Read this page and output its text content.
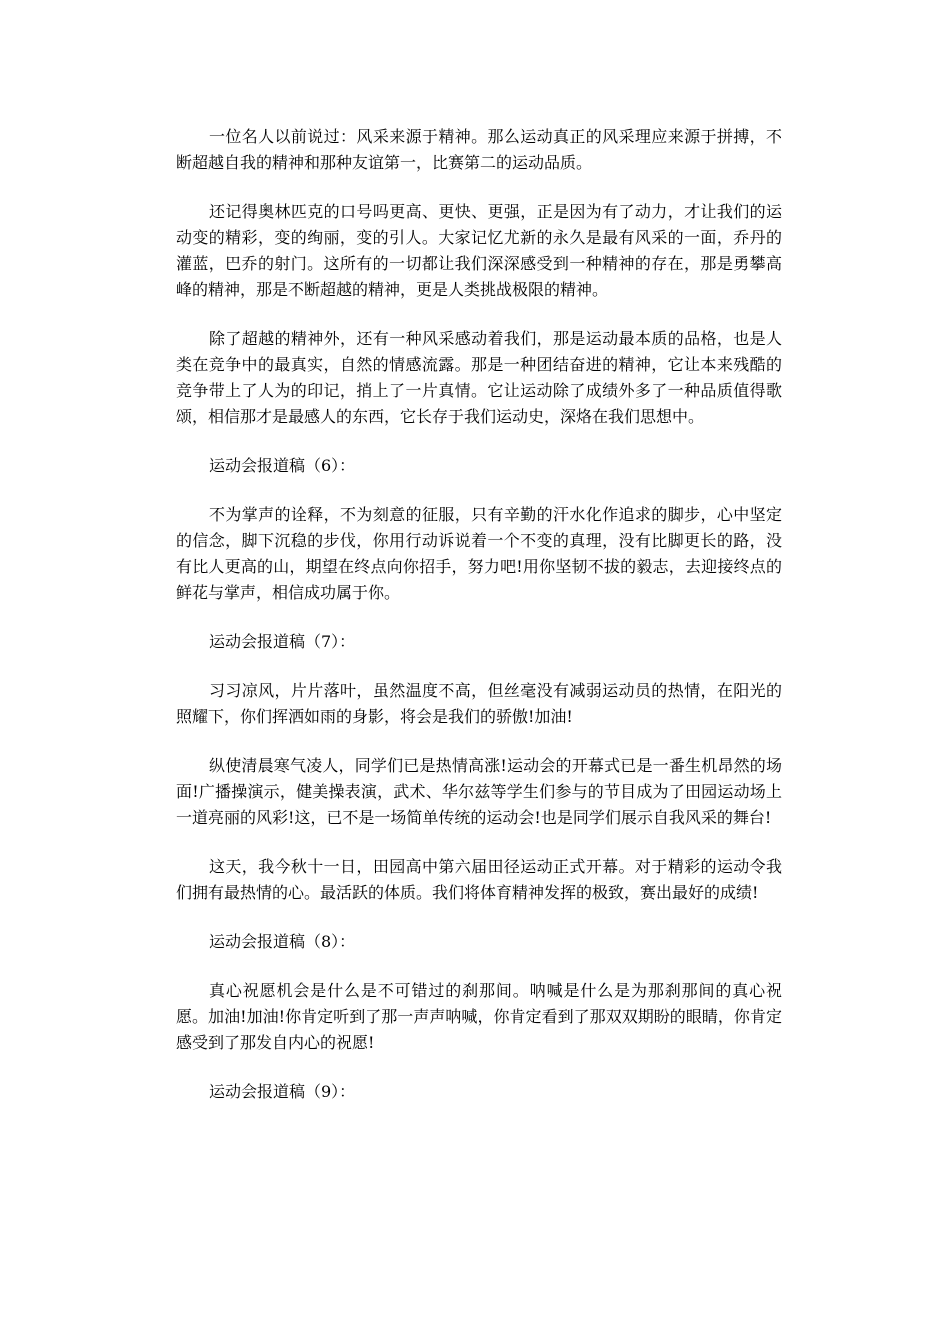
一位名人以前说过：风采来源于精神。那么运动真正的风采理应来源于拼搏，不断超越自我的精神和那种友谊第一，比赛第二的运动品质。

还记得奥林匹克的口号吗更高、更快、更强，正是因为有了动力，才让我们的运动变的精彩，变的绚丽，变的引人。大家记忆尤新的永久是最有风采的一面，乔丹的灌蓝，巴乔的射门。这所有的一切都让我们深深感受到一种精神的存在，那是勇攀高峰的精神，那是不断超越的精神，更是人类挑战极限的精神。

除了超越的精神外，还有一种风采感动着我们，那是运动最本质的品格，也是人类在竞争中的最真实，自然的情感流露。那是一种团结奋进的精神，它让本来残酷的竞争带上了人为的印记，捎上了一片真情。它让运动除了成绩外多了一种品质值得歌颂，相信那才是最感人的东西，它长存于我们运动史，深烙在我们思想中。

运动会报道稿（6）：

不为掌声的诠释，不为刻意的征服，只有辛勤的汗水化作追求的脚步，心中坚定的信念，脚下沉稳的步伐，你用行动诉说着一个不变的真理，没有比脚更长的路，没有比人更高的山，期望在终点向你招手，努力吧!用你坚韧不拔的毅志，去迎接终点的鲜花与掌声，相信成功属于你。

运动会报道稿（7）：

习习凉风，片片落叶，虽然温度不高，但丝毫没有减弱运动员的热情，在阳光的照耀下，你们挥洒如雨的身影，将会是我们的骄傲!加油!

纵使清晨寒气凌人，同学们已是热情高涨!运动会的开幕式已是一番生机昂然的场面!广播操演示，健美操表演，武术、华尔兹等学生们参与的节目成为了田园运动场上一道亮丽的风彩!这，已不是一场简单传统的运动会!也是同学们展示自我风采的舞台!

这天，我今秋十一日，田园高中第六届田径运动正式开幕。对于精彩的运动令我们拥有最热情的心。最活跃的体质。我们将体育精神发挥的极致，赛出最好的成绩!

运动会报道稿（8）：

真心祝愿机会是什么是不可错过的刹那间。呐喊是什么是为那刹那间的真心祝愿。加油!加油!你肯定听到了那一声声呐喊，你肯定看到了那双双期盼的眼睛，你肯定感受到了那发自内心的祝愿!

运动会报道稿（9）：
